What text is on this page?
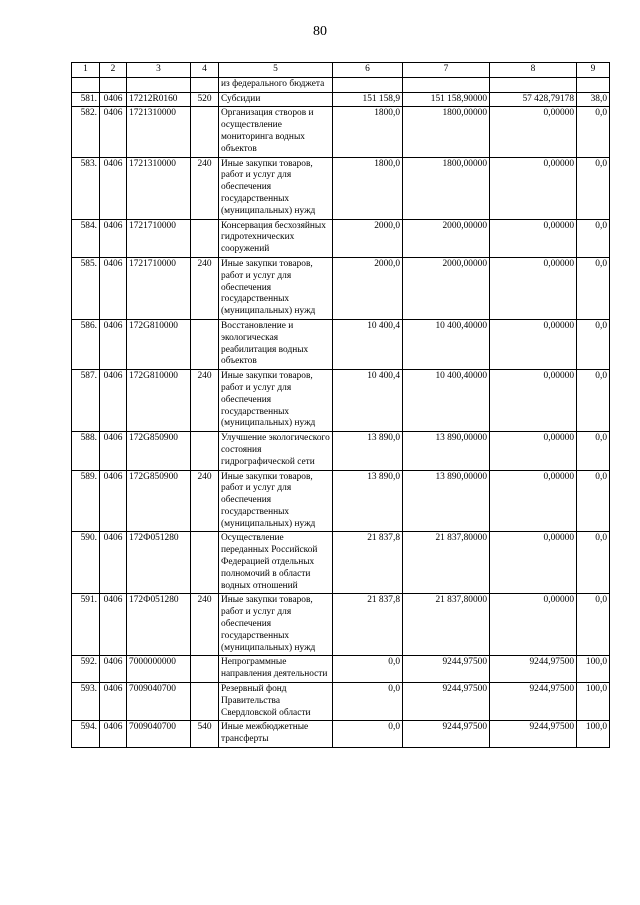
80
1	2	3	4	5	6	7	8	9
				из федерального бюджета				
581.	0406	17212R0160	520	Субсидии	151 158,9	151 158,90000	57 428,79178	38,0
582.	0406	1721310000		Организация створов и осуществление мониторинга водных объектов	1800,0	1800,00000	0,00000	0,0
583.	0406	1721310000	240	Иные закупки товаров, работ и услуг для обеспечения государственных (муниципальных) нужд	1800,0	1800,00000	0,00000	0,0
584.	0406	1721710000		Консервация бесхозяйных гидротехнических сооружений	2000,0	2000,00000	0,00000	0,0
585.	0406	1721710000	240	Иные закупки товаров, работ и услуг для обеспечения государственных (муниципальных) нужд	2000,0	2000,00000	0,00000	0,0
586.	0406	172G810000		Восстановление и экологическая реабилитация водных объектов	10 400,4	10 400,40000	0,00000	0,0
587.	0406	172G810000	240	Иные закупки товаров, работ и услуг для обеспечения государственных (муниципальных) нужд	10 400,4	10 400,40000	0,00000	0,0
588.	0406	172G850900		Улучшение экологического состояния гидрографической сети	13 890,0	13 890,00000	0,00000	0,0
589.	0406	172G850900	240	Иные закупки товаров, работ и услуг для обеспечения государственных (муниципальных) нужд	13 890,0	13 890,00000	0,00000	0,0
590.	0406	172Ф051280		Осуществление переданных Российской Федерацией отдельных полномочий в области водных отношений	21 837,8	21 837,80000	0,00000	0,0
591.	0406	172Ф051280	240	Иные закупки товаров, работ и услуг для обеспечения государственных (муниципальных) нужд	21 837,8	21 837,80000	0,00000	0,0
592.	0406	7000000000		Непрограммные направления деятельности	0,0	9244,97500	9244,97500	100,0
593.	0406	7009040700		Резервный фонд Правительства Свердловской области	0,0	9244,97500	9244,97500	100,0
594.	0406	7009040700	540	Иные межбюджетные трансферты	0,0	9244,97500	9244,97500	100,0
